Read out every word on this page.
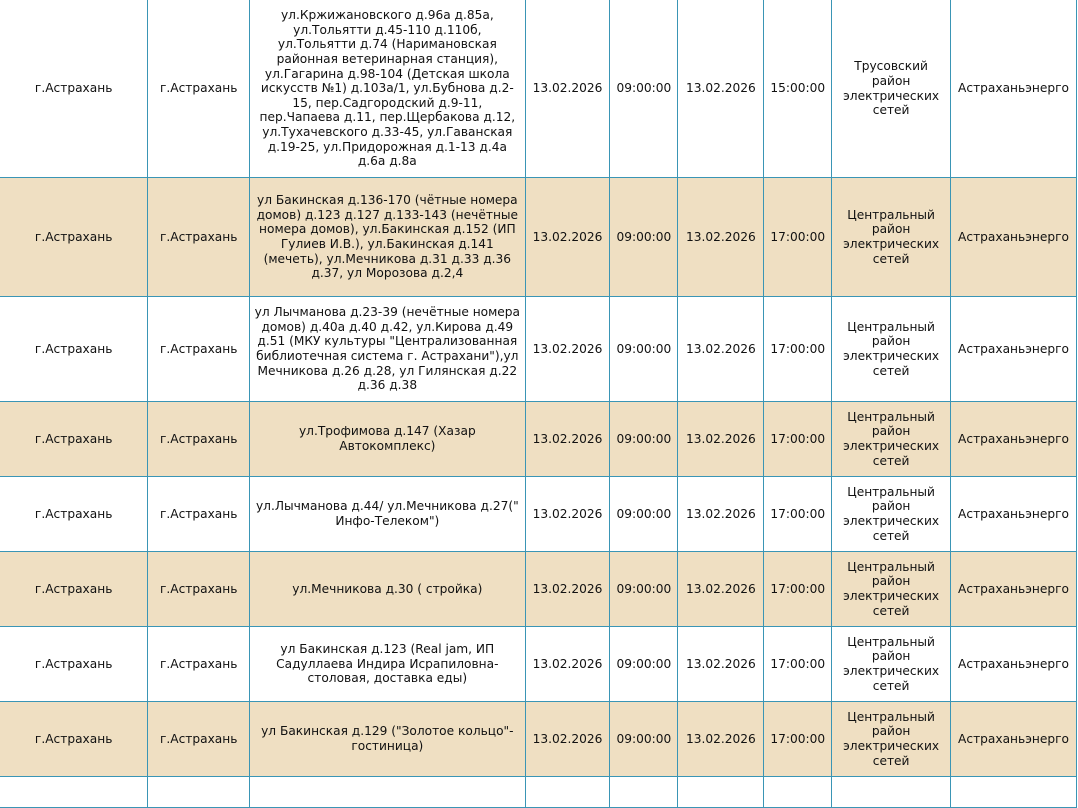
г.Астрахань	г.Астрахань	ул.Кржижановского д.96а д.85а, ул.Тольятти д.45-110 д.110б, ул.Тольятти д.74 (Наримановская районная ветеринарная станция), ул.Гагарина д.98-104 (Детская школа искусств №1) д.103а/1, ул.Бубнова д.2-15, пер.Садгородский д.9-11, пер.Чапаева д.11, пер.Щербакова д.12, ул.Тухачевского д.33-45, ул.Гаванская д.19-25, ул.Придорожная д.1-13 д.4а д.6а д.8а	13.02.2026	09:00:00	13.02.2026	15:00:00	Трусовский район электрических сетей	Астраханьэнерго
г.Астрахань	г.Астрахань	ул Бакинская д.136-170 (чётные номера домов) д.123 д.127 д.133-143 (нечётные номера домов), ул.Бакинская д.152 (ИП Гулиев И.В.), ул.Бакинская д.141 (мечеть), ул.Мечникова д.31 д.33 д.36 д.37, ул Морозова д.2,4	13.02.2026	09:00:00	13.02.2026	17:00:00	Центральный район электрических сетей	Астраханьэнерго
г.Астрахань	г.Астрахань	ул Лычманова д.23-39 (нечётные номера домов) д.40а д.40 д.42, ул.Кирова д.49 д.51 (МКУ культуры "Централизованная библиотечная система г. Астрахани"),ул Мечникова д.26 д.28, ул Гилянская д.22 д.36 д.38	13.02.2026	09:00:00	13.02.2026	17:00:00	Центральный район электрических сетей	Астраханьэнерго
г.Астрахань	г.Астрахань	ул.Трофимова д.147 (Хазар Автокомплекс)	13.02.2026	09:00:00	13.02.2026	17:00:00	Центральный район электрических сетей	Астраханьэнерго
г.Астрахань	г.Астрахань	ул.Лычманова д.44/ ул.Мечникова д.27(" Инфо-Телеком")	13.02.2026	09:00:00	13.02.2026	17:00:00	Центральный район электрических сетей	Астраханьэнерго
г.Астрахань	г.Астрахань	ул.Мечникова д.30 ( стройка)	13.02.2026	09:00:00	13.02.2026	17:00:00	Центральный район электрических сетей	Астраханьэнерго
г.Астрахань	г.Астрахань	ул Бакинская д.123 (Real jam, ИП Садуллаева Индира Исрапиловна-столовая, доставка еды)	13.02.2026	09:00:00	13.02.2026	17:00:00	Центральный район электрических сетей	Астраханьэнерго
г.Астрахань	г.Астрахань	ул Бакинская д.129 ("Золотое кольцо"-гостиница)	13.02.2026	09:00:00	13.02.2026	17:00:00	Центральный район электрических сетей	Астраханьэнерго
